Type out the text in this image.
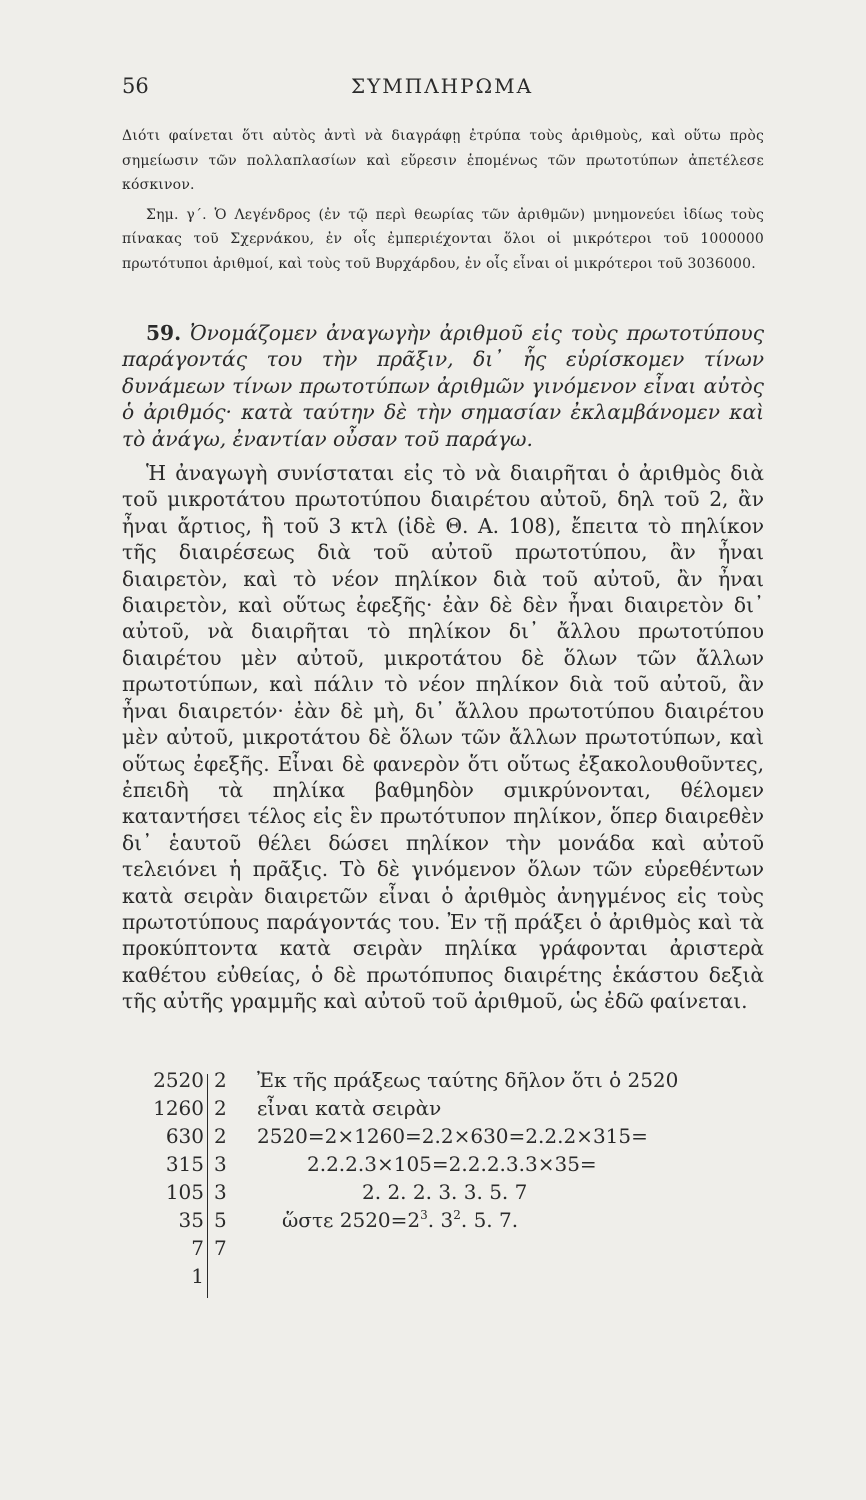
56	ΣΥΜΠΛΗΡΩΜΑ

Διότι φαίνεται ὅτι αὐτὸς ἀντὶ νὰ διαγράφῃ ἐτρύπα τοὺς ἀριθμοὺς, καὶ οὕτω πρὸς σημείωσιν τῶν πολλαπλασίων καὶ εὕρεσιν ἑπομένως τῶν πρωτοτύπων ἀπετέλεσε κόσκινον.

Σημ. γ΄. Ὁ Λεγένδρος (ἐν τῷ περὶ θεωρίας τῶν ἀριθμῶν) μνημονεύει ἰδίως τοὺς πίνακας τοῦ Σχερνάκου, ἐν οἷς ἐμπεριέχονται ὅλοι οἱ μικρότεροι τοῦ 1000000 πρωτότυποι ἀριθμοί, καὶ τοὺς τοῦ Βυρχάρδου, ἐν οἷς εἶναι οἱ μικρότεροι τοῦ 3036000.

59. Ὀνομάζομεν ἀναγωγὴν ἀριθμοῦ εἰς τοὺς πρωτοτύπους παράγοντάς του τὴν πρᾶξιν, δι᾽ ἧς εὑρίσκομεν τίνων δυνάμεων τίνων πρωτοτύπων ἀριθμῶν γινόμενον εἶναι αὐτὸς ὁ ἀριθμός· κατὰ ταύτην δὲ τὴν σημασίαν ἐκλαμβάνομεν καὶ τὸ ἀνάγω, ἐναντίαν οὖσαν τοῦ παράγω.

Ἡ ἀναγωγὴ συνίσταται εἰς τὸ νὰ διαιρῆται ὁ ἀριθμὸς διὰ τοῦ μικροτάτου πρωτοτύπου διαιρέτου αὐτοῦ, δηλ τοῦ 2, ἂν ἦναι ἄρτιος, ἢ τοῦ 3 κτλ (ἰδὲ Θ. Α. 108), ἔπειτα τὸ πηλίκον τῆς διαιρέσεως διὰ τοῦ αὐτοῦ πρωτοτύπου, ἂν ἦναι διαιρετὸν, καὶ τὸ νέον πηλίκον διὰ τοῦ αὐτοῦ, ἂν ἦναι διαιρετὸν, καὶ οὕτως ἐφεξῆς· ἐὰν δὲ δὲν ἦναι διαιρετὸν δι᾽ αὐτοῦ, νὰ διαιρῆται τὸ πηλίκον δι᾽ ἄλλου πρωτοτύπου διαιρέτου μὲν αὐτοῦ, μικροτάτου δὲ ὅλων τῶν ἄλλων πρωτοτύπων, καὶ πάλιν τὸ νέον πηλίκον διὰ τοῦ αὐτοῦ, ἂν ἦναι διαιρετόν· ἐὰν δὲ μὴ, δι᾽ ἄλλου πρωτοτύπου διαιρέτου μὲν αὐτοῦ, μικροτάτου δὲ ὅλων τῶν ἄλλων πρωτοτύπων, καὶ οὕτως ἐφεξῆς. Εἶναι δὲ φανερὸν ὅτι οὕτως ἐξακολουθοῦντες, ἐπειδὴ τὰ πηλίκα βαθμηδὸν σμικρύνονται, θέλομεν καταντήσει τέλος εἰς ἓν πρωτότυπον πηλίκον, ὅπερ διαιρεθὲν δι᾽ ἑαυτοῦ θέλει δώσει πηλίκον τὴν μονάδα καὶ αὐτοῦ τελειόνει ἡ πρᾶξις. Τὸ δὲ γινόμενον ὅλων τῶν εὑρεθέντων κατὰ σειρὰν διαιρετῶν εἶναι ὁ ἀριθμὸς ἀνηγμένος εἰς τοὺς πρωτοτύπους παράγοντάς του. Ἐν τῇ πράξει ὁ ἀριθμὸς καὶ τὰ προκύπτοντα κατὰ σειρὰν πηλίκα γράφονται ἀριστερὰ καθέτου εὐθείας, ὁ δὲ πρωτόπυπος διαιρέτης ἑκάστου δεξιὰ τῆς αὐτῆς γραμμῆς καὶ αὐτοῦ τοῦ ἀριθμοῦ, ὡς ἐδῶ φαίνεται.

2520 2 Ἐκ τῆς πράξεως ταύτης δῆλον ὅτι ὁ 2520
1260 2 εἶναι κατὰ σειρὰν
630 2 2520=2×1260=2.2×630=2.2.2×315=
315 3	2.2.2.3×105=2.2.2.3.3×35=
105 3	2. 2. 2. 3. 3. 5. 7
35 5	ὥστε $2520=2^3$. $3^2$. 5. 7.
7 7
1
